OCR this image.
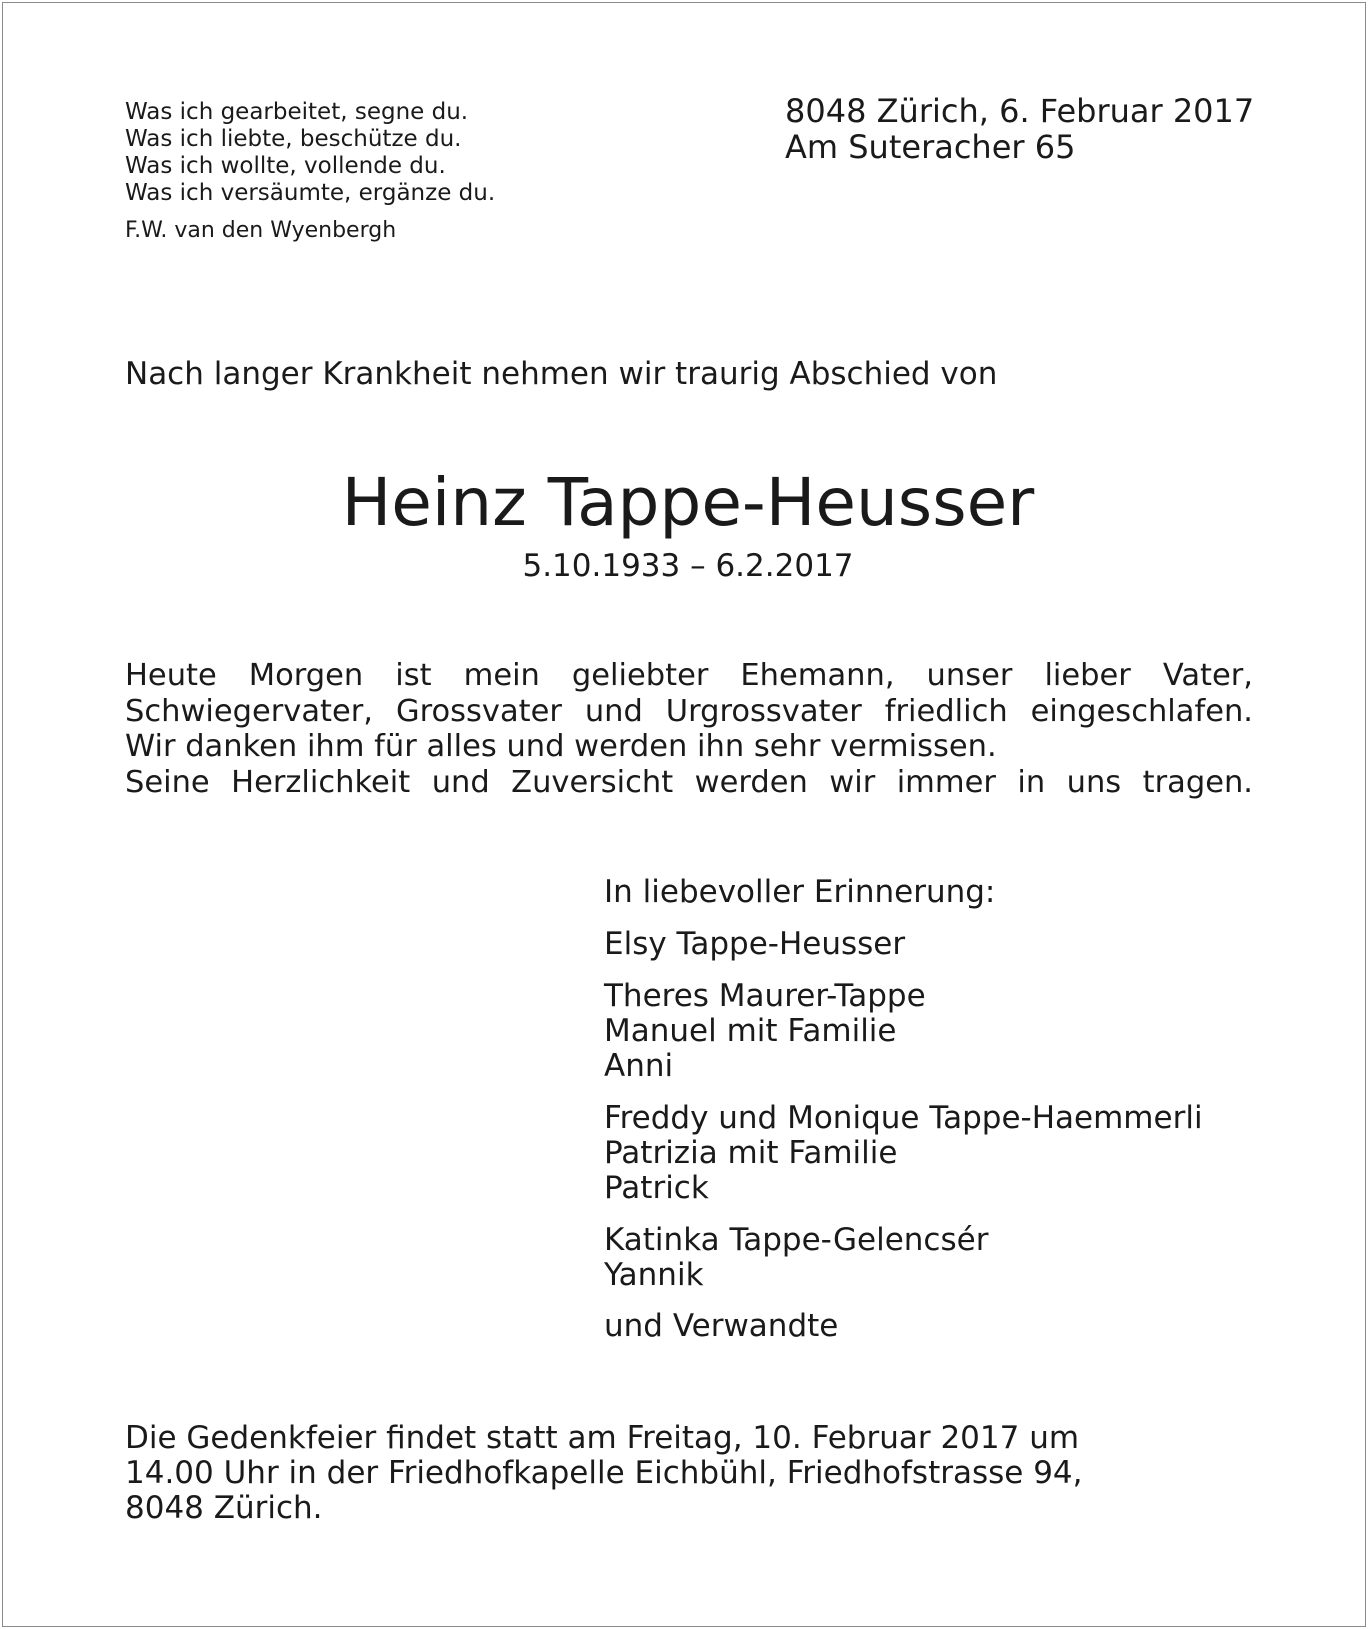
Was ich gearbeitet, segne du.
Was ich liebte, beschütze du.
Was ich wollte, vollende du.
Was ich versäumte, ergänze du.
F.W. van den Wyenbergh
8048 Zürich, 6. Februar 2017
Am Suteracher 65
Nach langer Krankheit nehmen wir traurig Abschied von
Heinz Tappe-Heusser
5.10.1933 – 6.2.2017
Heute Morgen ist mein geliebter Ehemann, unser lieber Vater,
Schwiegervater, Grossvater und Urgrossvater friedlich eingeschlafen.
Wir danken ihm für alles und werden ihn sehr vermissen.
Seine Herzlichkeit und Zuversicht werden wir immer in uns tragen.
In liebevoller Erinnerung:
Elsy Tappe-Heusser
Theres Maurer-Tappe
Manuel mit Familie
Anni
Freddy und Monique Tappe-Haemmerli
Patrizia mit Familie
Patrick
Katinka Tappe-Gelencsér
Yannik
und Verwandte
Die Gedenkfeier findet statt am Freitag, 10. Februar 2017 um
14.00 Uhr in der Friedhofkapelle Eichbühl, Friedhofstrasse 94,
8048 Zürich.
